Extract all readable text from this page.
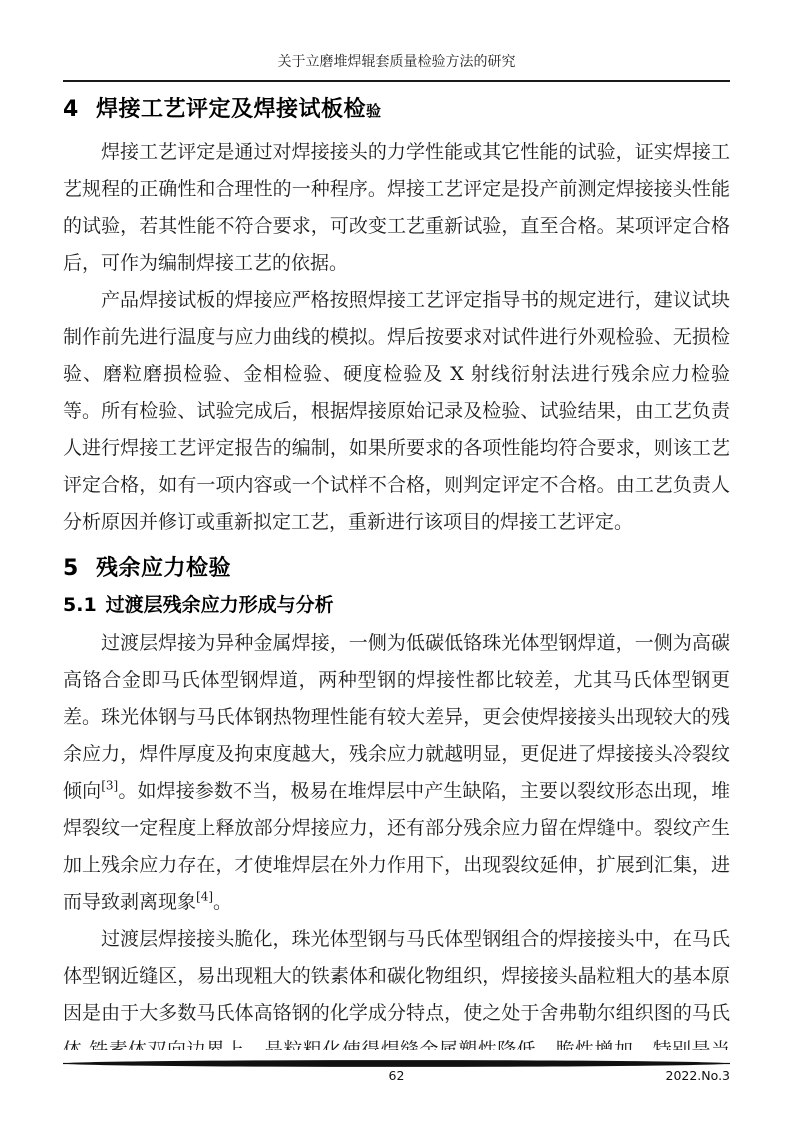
关于立磨堆焊辊套质量检验方法的研究
4 焊接工艺评定及焊接试板检验

焊接工艺评定是通过对焊接接头的力学性能或其它性能的试验，证实焊接工艺规程的正确性和合理性的一种程序。焊接工艺评定是投产前测定焊接接头性能的试验，若其性能不符合要求，可改变工艺重新试验，直至合格。某项评定合格后，可作为编制焊接工艺的依据。

产品焊接试板的焊接应严格按照焊接工艺评定指导书的规定进行，建议试块制作前先进行温度与应力曲线的模拟。焊后按要求对试件进行外观检验、无损检验、磨粒磨损检验、金相检验、硬度检验及 X 射线衍射法进行残余应力检验等。所有检验、试验完成后，根据焊接原始记录及检验、试验结果，由工艺负责人进行焊接工艺评定报告的编制，如果所要求的各项性能均符合要求，则该工艺评定合格，如有一项内容或一个试样不合格，则判定评定不合格。由工艺负责人分析原因并修订或重新拟定工艺，重新进行该项目的焊接工艺评定。

5 残余应力检验
5.1 过渡层残余应力形成与分析

过渡层焊接为异种金属焊接，一侧为低碳低铬珠光体型钢焊道，一侧为高碳高铬合金即马氏体型钢焊道，两种型钢的焊接性都比较差，尤其马氏体型钢更差。珠光体钢与马氏体钢热物理性能有较大差异，更会使焊接接头出现较大的残余应力，焊件厚度及拘束度越大，残余应力就越明显，更促进了焊接接头冷裂纹倾向[3]。如焊接参数不当，极易在堆焊层中产生缺陷，主要以裂纹形态出现，堆焊裂纹一定程度上释放部分焊接应力，还有部分残余应力留在焊缝中。裂纹产生加上残余应力存在，才使堆焊层在外力作用下，出现裂纹延伸，扩展到汇集，进而导致剥离现象[4]。

过渡层焊接接头脆化，珠光体型钢与马氏体型钢组合的焊接接头中，在马氏体型钢近缝区，易出现粗大的铁素体和碳化物组织，焊接接头晶粒粗大的基本原因是由于大多数马氏体高铬钢的化学成分特点，使之处于舍弗勒尔组织图的马氏

62	2022.No.3
